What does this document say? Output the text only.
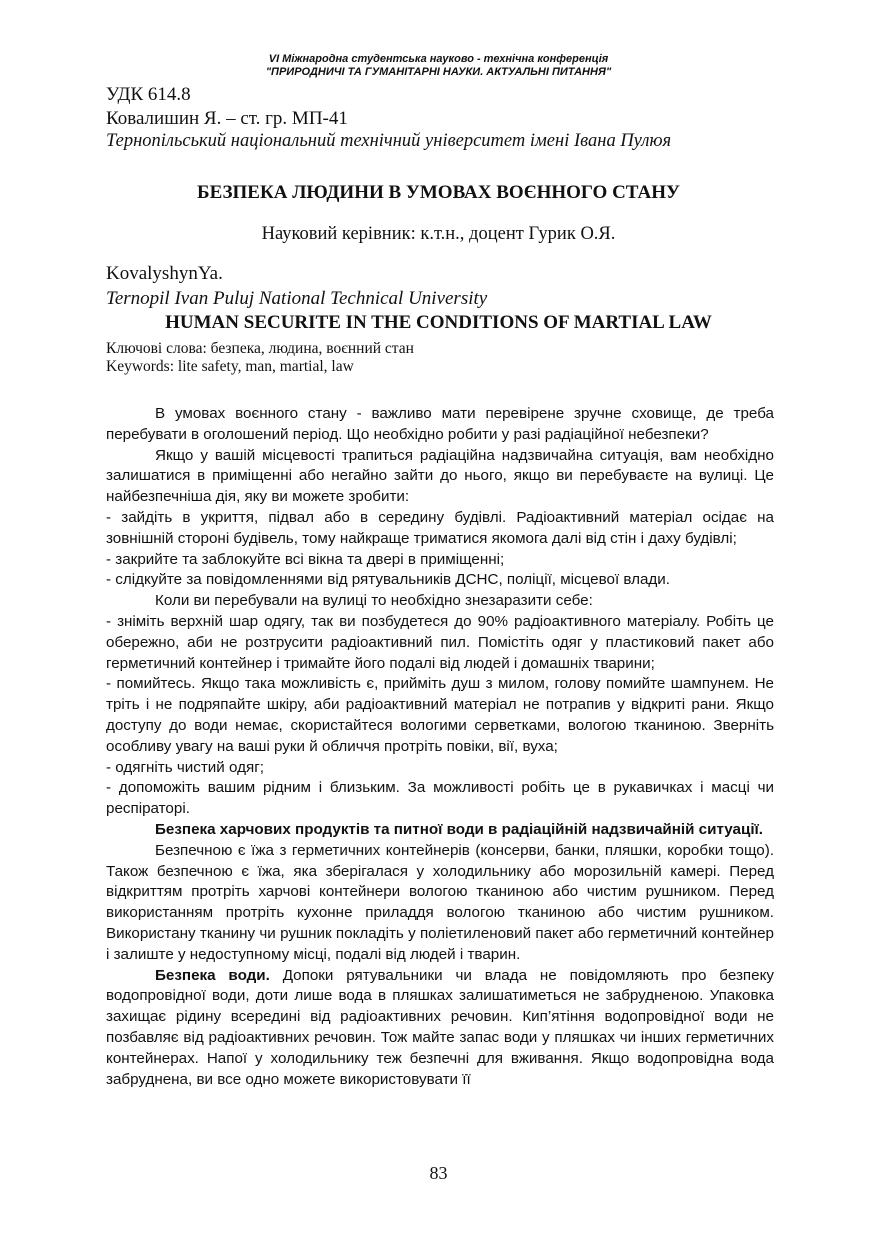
VI Міжнародна студентська науково - технічна конференція
"ПРИРОДНИЧІ ТА ГУМАНІТАРНІ НАУКИ. АКТУАЛЬНІ ПИТАННЯ"
УДК 614.8
Ковалишин Я. – ст. гр. МП-41
Тернопільський національний технічний університет імені Івана Пулюя
БЕЗПЕКА ЛЮДИНИ В УМОВАХ ВОЄННОГО СТАНУ
Науковий керівник: к.т.н., доцент Гурик О.Я.
KovalyshynYa.
Ternopil Ivan Puluj National Technical University
HUMAN SECURITE IN THE CONDITIONS OF MARTIAL LAW
Ключові слова: безпека, людина, воєнний стан
Keywords: lite safety, man, martial, law

В умовах воєнного стану - важливо мати перевірене зручне сховище, де треба перебувати в оголошений період. Що необхідно робити у разі радіаційної небезпеки?

Якщо у вашій місцевості трапиться радіаційна надзвичайна ситуація, вам необхідно залишатися в приміщенні або негайно зайти до нього, якщо ви перебуваєте на вулиці. Це найбезпечніша дія, яку ви можете зробити:

- зайдіть в укриття, підвал або в середину будівлі. Радіоактивний матеріал осідає на зовнішній стороні будівель, тому найкраще триматися якомога далі від стін і даху будівлі;

- закрийте та заблокуйте всі вікна та двері в приміщенні;

- слідкуйте за повідомленнями від рятувальників ДСНС, поліції, місцевої влади.

Коли ви перебували на вулиці то необхідно знезаразити себе:

- зніміть верхній шар одягу, так ви позбудетеся до 90% радіоактивного матеріалу. Робіть це обережно, аби не розтрусити радіоактивний пил. Помістіть одяг у пластиковий пакет або герметичний контейнер і тримайте його подалі від людей і домашніх тварини;

- помийтесь. Якщо така можливість є, прийміть душ з милом, голову помийте шампунем. Не тріть і не подряпайте шкіру, аби радіоактивний матеріал не потрапив у відкриті рани. Якщо доступу до води немає, скористайтеся вологими серветками, вологою тканиною. Зверніть особливу увагу на ваші руки й обличчя протріть повіки, вії, вуха;

- одягніть чистий одяг;

- допоможіть вашим рідним і близьким. За можливості робіть це в рукавичках і масці чи респіраторі.

Безпека харчових продуктів та питної води в радіаційній надзвичайній ситуації.

Безпечною є їжа з герметичних контейнерів (консерви, банки, пляшки, коробки тощо). Також безпечною є їжа, яка зберігалася у холодильнику або морозильній камері. Перед відкриттям протріть харчові контейнери вологою тканиною або чистим рушником. Перед використанням протріть кухонне приладдя вологою тканиною або чистим рушником. Використану тканину чи рушник покладіть у поліетиленовий пакет або герметичний контейнер і залиште у недоступному місці, подалі від людей і тварин.

Безпека води. Допоки рятувальники чи влада не повідомляють про безпеку водопровідної води, доти лише вода в пляшках залишатиметься не забрудненою. Упаковка захищає рідину всередині від радіоактивних речовин. Кип’ятіння водопровідної води не позбавляє від радіоактивних речовин. Тож майте запас води у пляшках чи інших герметичних контейнерах. Напої у холодильнику теж безпечні для вживання. Якщо водопровідна вода забруднена, ви все одно можете використовувати її

83
